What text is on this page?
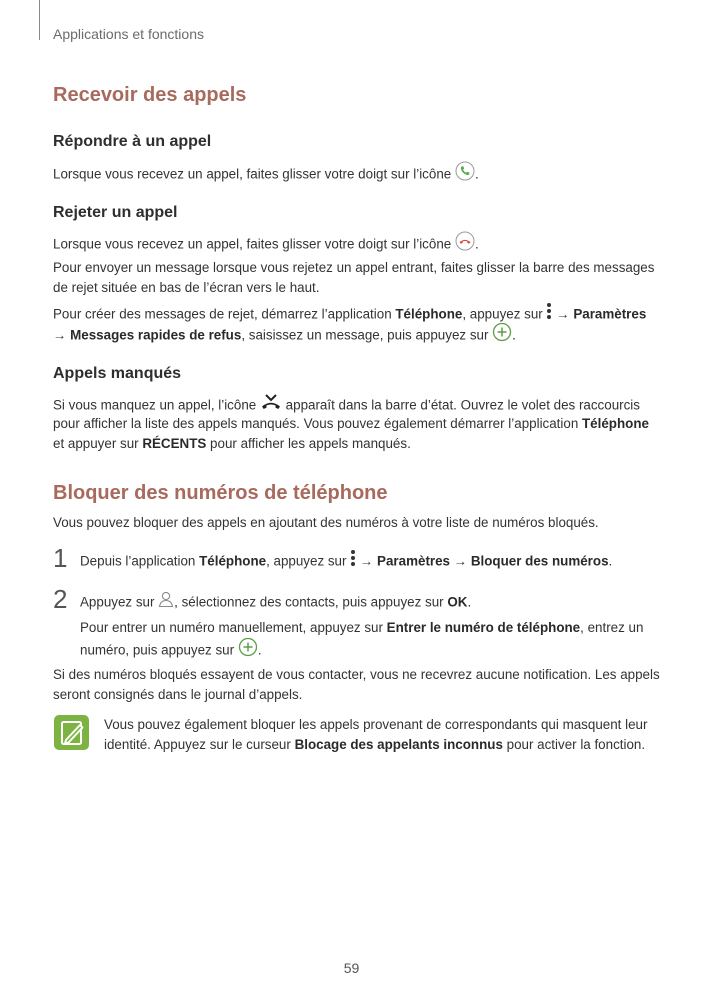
Applications et fonctions
Recevoir des appels
Répondre à un appel
Lorsque vous recevez un appel, faites glisser votre doigt sur l’icône .
Rejeter un appel
Lorsque vous recevez un appel, faites glisser votre doigt sur l’icône .
Pour envoyer un message lorsque vous rejetez un appel entrant, faites glisser la barre des messages
de rejet située en bas de l’écran vers le haut.
Pour créer des messages de rejet, démarrez l’application Téléphone, appuyez sur  → Paramètres
→ Messages rapides de refus, saisissez un message, puis appuyez sur .
Appels manqués
Si vous manquez un appel, l’icône  apparaît dans la barre d’état. Ouvrez le volet des raccourcis
pour afficher la liste des appels manqués. Vous pouvez également démarrer l’application Téléphone
et appuyer sur RÉCENTS pour afficher les appels manqués.
Bloquer des numéros de téléphone
Vous pouvez bloquer des appels en ajoutant des numéros à votre liste de numéros bloqués.
1 Depuis l’application Téléphone, appuyez sur  → Paramètres → Bloquer des numéros.
2 Appuyez sur , sélectionnez des contacts, puis appuyez sur OK.
Pour entrer un numéro manuellement, appuyez sur Entrer le numéro de téléphone, entrez un
numéro, puis appuyez sur .
Si des numéros bloqués essayent de vous contacter, vous ne recevrez aucune notification. Les appels
seront consignés dans le journal d’appels.
Vous pouvez également bloquer les appels provenant de correspondants qui masquent leur
identité. Appuyez sur le curseur Blocage des appelants inconnus pour activer la fonction.
59
